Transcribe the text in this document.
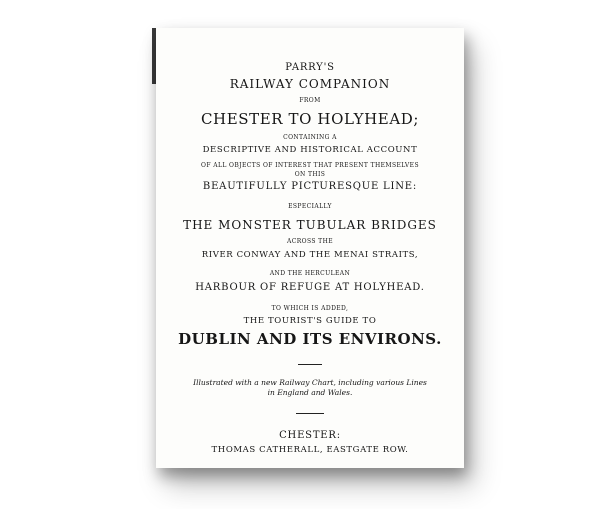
PARRY'S
RAILWAY COMPANION
FROM
CHESTER TO HOLYHEAD;
CONTAINING A
DESCRIPTIVE AND HISTORICAL ACCOUNT
OF ALL OBJECTS OF INTEREST THAT PRESENT THEMSELVES
ON THIS
BEAUTIFULLY PICTURESQUE LINE:
ESPECIALLY
THE MONSTER TUBULAR BRIDGES
ACROSS THE
RIVER CONWAY AND THE MENAI STRAITS,
AND THE HERCULEAN
HARBOUR OF REFUGE AT HOLYHEAD.
TO WHICH IS ADDED,
THE TOURIST'S GUIDE TO
DUBLIN AND ITS ENVIRONS.
Illustrated with a new Railway Chart, including various Lines
in England and Wales.
CHESTER:
THOMAS CATHERALL, EASTGATE ROW.
